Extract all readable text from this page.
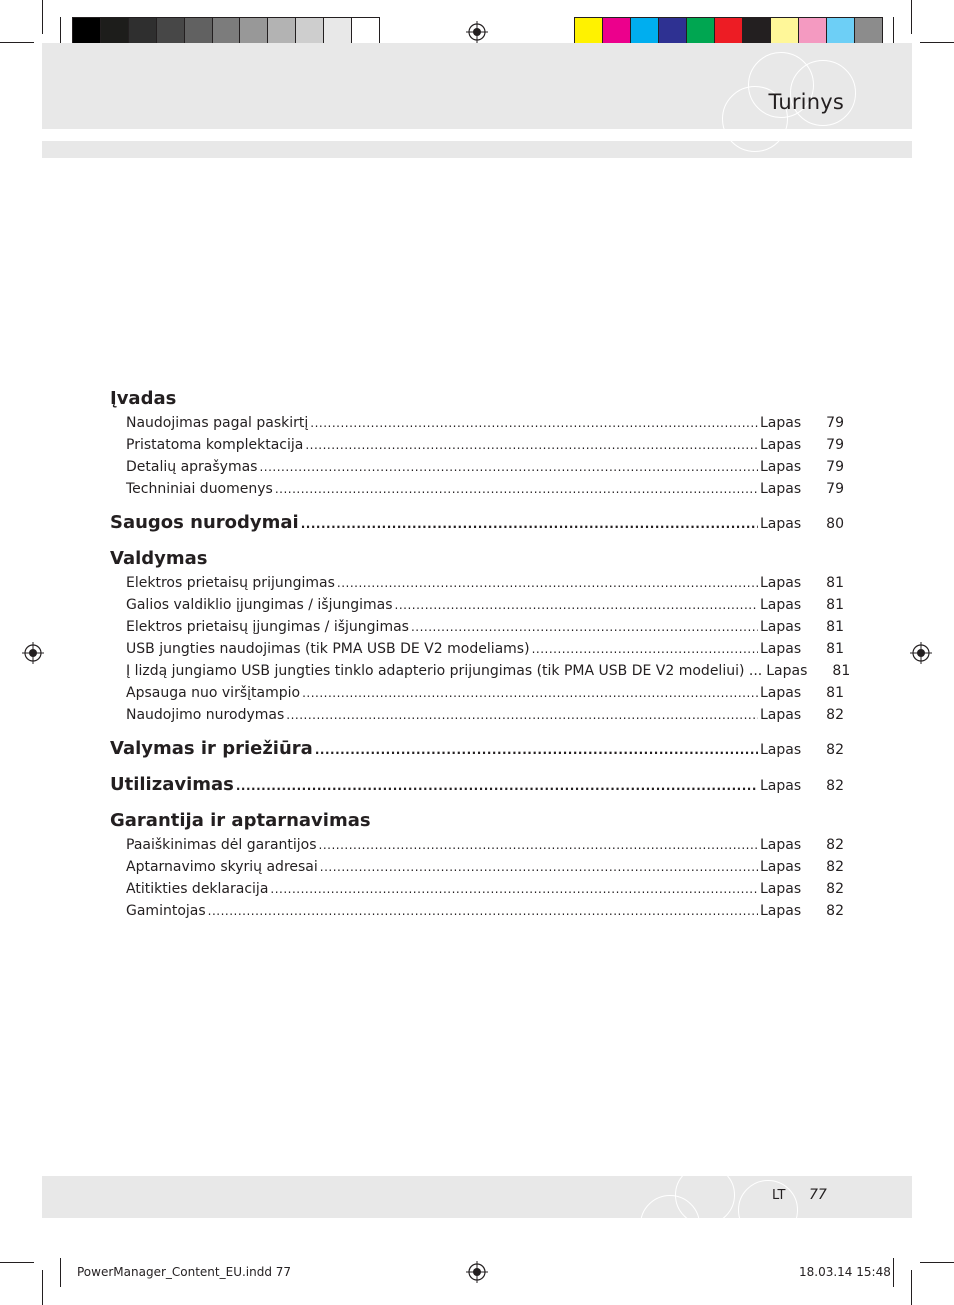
Turinys
Įvadas
Naudojimas pagal paskirtį .....	Lapas	79
Pristatoma komplektacija .....	Lapas	79
Detalių aprašymas .....	Lapas	79
Techniniai duomenys .....	Lapas	79
Saugos nurodymai .....	Lapas	80
Valdymas
Elektros prietaisų prijungimas .....	Lapas	81
Galios valdiklio įjungimas / išjungimas .....	Lapas	81
Elektros prietaisų įjungimas / išjungimas .....	Lapas	81
USB jungties naudojimas (tik PMA USB DE V2 modeliams) .....	Lapas	81
Į lizdą jungiamo USB jungties tinklo adapterio prijungimas (tik PMA USB DE V2 modeliui) ... Lapas	81
Apsauga nuo viršįtampio .....	Lapas	81
Naudojimo nurodymas .....	Lapas	82
Valymas ir priežiūra .....	Lapas	82
Utilizavimas .....	Lapas	82
Garantija ir aptarnavimas
Paaiškinimas dėl garantijos .....	Lapas	82
Aptarnavimo skyrių adresai .....	Lapas	82
Atitikties deklaracija .....	Lapas	82
Gamintojas .....	Lapas	82
LT 77
PowerManager_Content_EU.indd 77	18.03.14 15:48
